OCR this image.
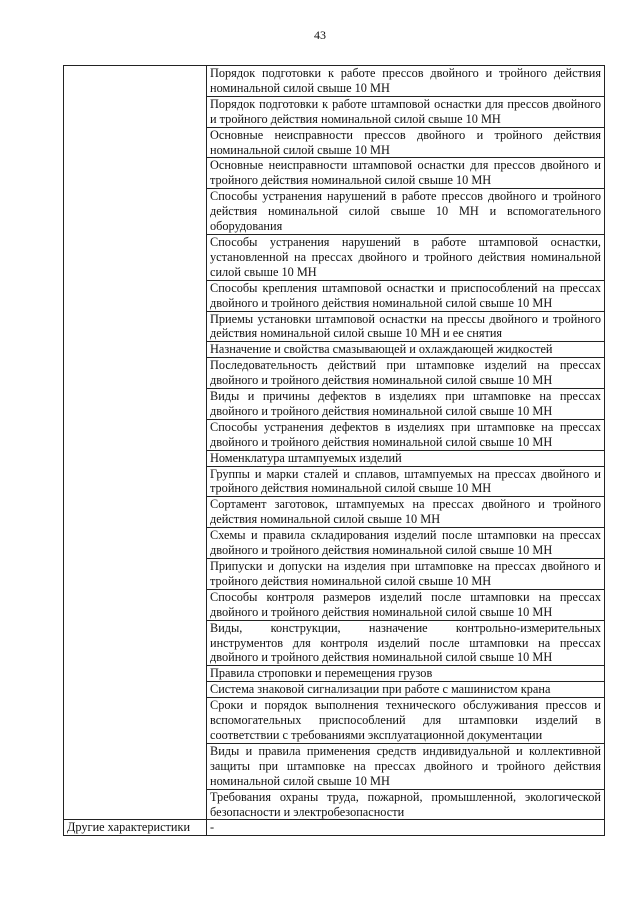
43
	Порядок подготовки к работе прессов двойного и тройного действия номинальной силой свыше 10 МН
	Порядок подготовки к работе штамповой оснастки для прессов двойного и тройного действия номинальной силой свыше 10 МН
	Основные неисправности прессов двойного и тройного действия номинальной силой свыше 10 МН
	Основные неисправности штамповой оснастки для прессов двойного и тройного действия номинальной силой свыше 10 МН
	Способы устранения нарушений в работе прессов двойного и тройного действия номинальной силой свыше 10 МН и вспомогательного оборудования
	Способы устранения нарушений в работе штамповой оснастки, установленной на прессах двойного и тройного действия номинальной силой свыше 10 МН
	Способы крепления штамповой оснастки и приспособлений на прессах двойного и тройного действия номинальной силой свыше 10 МН
	Приемы установки штамповой оснастки на прессы двойного и тройного действия номинальной силой свыше 10 МН и ее снятия
	Назначение и свойства смазывающей и охлаждающей жидкостей
	Последовательность действий при штамповке изделий на прессах двойного и тройного действия номинальной силой свыше 10 МН
	Виды и причины дефектов в изделиях при штамповке на прессах двойного и тройного действия номинальной силой свыше 10 МН
	Способы устранения дефектов в изделиях при штамповке на прессах двойного и тройного действия номинальной силой свыше 10 МН
	Номенклатура штампуемых изделий
	Группы и марки сталей и сплавов, штампуемых на прессах двойного и тройного действия номинальной силой свыше 10 МН
	Сортамент заготовок, штампуемых на прессах двойного и тройного действия номинальной силой свыше 10 МН
	Схемы и правила складирования изделий после штамповки на прессах двойного и тройного действия номинальной силой свыше 10 МН
	Припуски и допуски на изделия при штамповке на прессах двойного и тройного действия номинальной силой свыше 10 МН
	Способы контроля размеров изделий после штамповки на прессах двойного и тройного действия номинальной силой свыше 10 МН
	Виды, конструкции, назначение контрольно-измерительных инструментов для контроля изделий после штамповки на прессах двойного и тройного действия номинальной силой свыше 10 МН
	Правила строповки и перемещения грузов
	Система знаковой сигнализации при работе с машинистом крана
	Сроки и порядок выполнения технического обслуживания прессов и вспомогательных приспособлений для штамповки изделий в соответствии с требованиями эксплуатационной документации
	Виды и правила применения средств индивидуальной и коллективной защиты при штамповке на прессах двойного и тройного действия номинальной силой свыше 10 МН
	Требования охраны труда, пожарной, промышленной, экологической безопасности и электробезопасности
Другие характеристики	-
